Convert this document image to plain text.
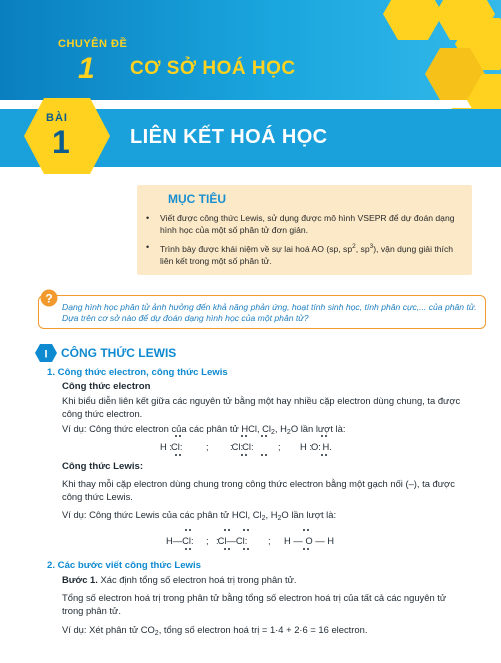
CHUYÊN ĐỀ
1 CƠ SỞ HOÁ HỌC
BÀI
1	LIÊN KẾT HOÁ HỌC
MỤC TIÊU
• Viết được công thức Lewis, sử dụng được mô hình VSEPR để dự đoán dạng hình học của một số phân tử đơn giản.
• Trình bày được khái niệm về sự lai hoá AO (sp, $sp^2$, $sp^3$), vận dụng giải thích liên kết trong một số phân tử.
?
Dạng hình học phân tử ảnh hưởng đến khả năng phản ứng, hoạt tính sinh học, tính phân cực,... của phân tử. Dựa trên cơ sở nào để dự đoán dạng hình học của một phân tử?
I CÔNG THỨC LEWIS
1. Công thức electron, công thức Lewis
Công thức electron
Khi biểu diễn liên kết giữa các nguyên tử bằng một hay nhiều cặp electron dùng chung, ta được công thức electron.
Ví dụ: Công thức electron của các phân tử HCl, $Cl_2$, $H_2O$ lần lượt là:
H :Cl:	; :Cl:Cl:	; H :O: H.
Công thức Lewis:
Khi thay mỗi cặp electron dùng chung trong công thức electron bằng một gạch nối (–), ta được công thức Lewis.
Ví dụ: Công thức Lewis của các phân tử HCl, $Cl_2$, $H_2O$ lần lượt là:
H—Cl: ; :Cl—Cl: ; H — O — H
2. Các bước viết công thức Lewis
Bước 1. Xác định tổng số electron hoá trị trong phân tử.
Tổng số electron hoá trị trong phân tử bằng tổng số electron hoá trị của tất cả các nguyên tử trong phân tử.
Ví dụ: Xét phân tử $CO_2$, tổng số electron hoá trị = 1·4 + 2·6 = 16 electron.
